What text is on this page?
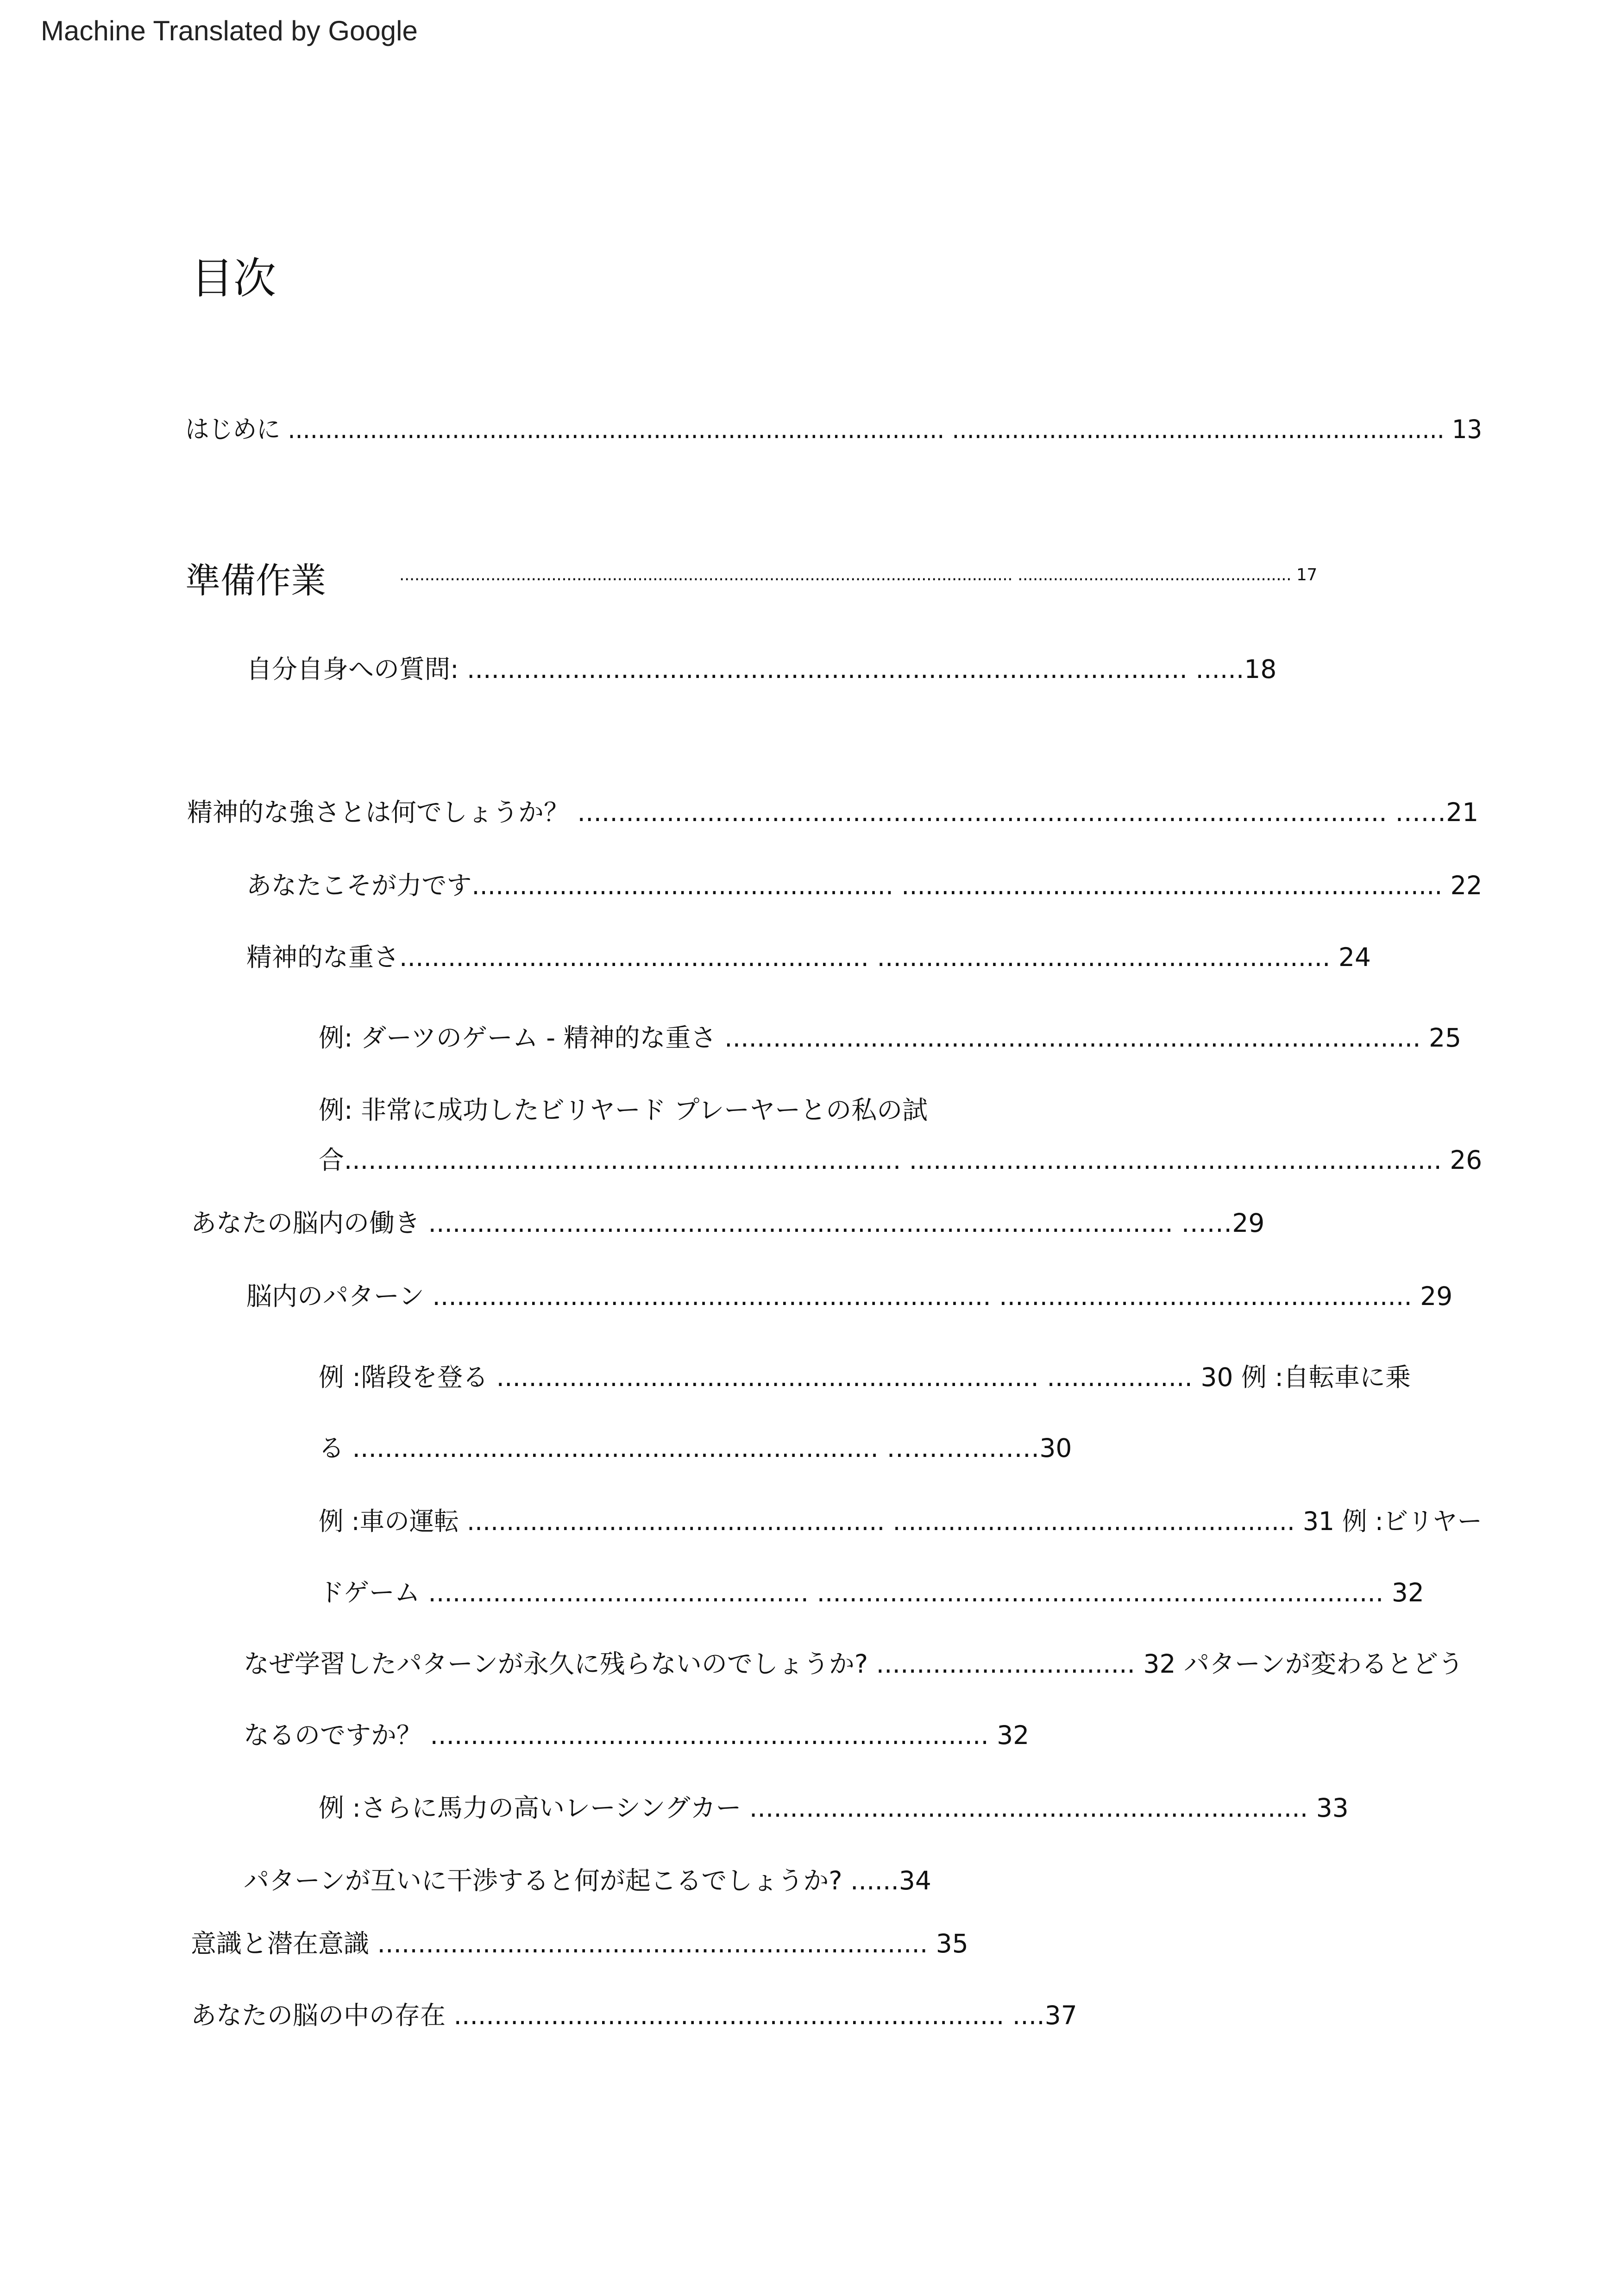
Machine Translated by Google
目次
はじめに ........................................................................................ .................................................................. 13
準備作業	......................................................................................................................... ...................................................... 17
自分自身への質問: ......................................................................................... ......18
精神的な強さとは何でしょうか？ .................................................................................................... ……21
あなたこそが力です..................................................... .................................................................... 22
精神的な重さ.......................................................... ........................................................ 24
例: ダーツのゲーム - 精神的な重さ ...................................................................................... 25
例: 非常に成功したビリヤード プレーヤーとの私の試
合..................................................................... .................................................................. 26
あなたの脳内の働き ............................................................................................ ……29
脳内のパターン ..................................................................... ................................................... 29
例 :階段を登る ................................................................... .................. 30 例 :自転車に乗
る ................................................................. ………………30
例 :車の運転 ..................................................... ................................................... 31 例 :ビリヤー
ドゲーム ............................................... ...................................................................... 32
なぜ学習したパターンが永久に残らないのでしょうか? ................................ 32 パターンが変わるとどう
なるのですか？ ..................................................................... 32
例 :さらに馬力の高いレーシングカー ..................................................................... 33
パターンが互いに干渉すると何が起こるでしょうか? ......34
意識と潜在意識 .................................................................... 35
あなたの脳の中の存在 .................................................................... ....37
